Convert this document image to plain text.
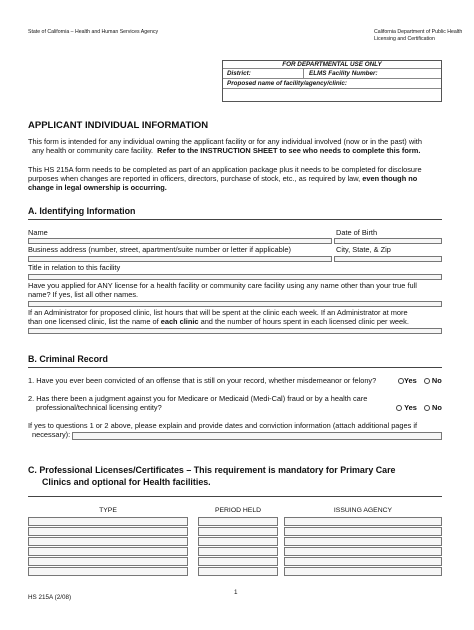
State of California – Health and Human Services Agency	California Department of Public Health
Licensing and Certification
FOR DEPARTMENTAL USE ONLY
District:	ELMS Facility Number:
Proposed name of facility/agency/clinic:
APPLICANT INDIVIDUAL INFORMATION
This form is intended for any individual owning the applicant facility or for any individual involved (now or in the past) with
any health or community care facility. Refer to the INSTRUCTION SHEET to see who needs to complete this form.
This HS 215A form needs to be completed as part of an application package plus it needs to be completed for disclosure
purposes when changes are reported in officers, directors, purchase of stock, etc., as required by law, even though no
change in legal ownership is occurring.
A. Identifying Information
Name	Date of Birth
Business address (number, street, apartment/suite number or letter if applicable)	City, State, & Zip
Title in relation to this facility
Have you applied for ANY license for a health facility or community care facility using any name other than your true full
name? If yes, list all other names.
If an Administrator for proposed clinic, list hours that will be spent at the clinic each week. If an Administrator at more
than one licensed clinic, list the name of each clinic and the number of hours spent in each licensed clinic per week.
B. Criminal Record
1. Have you ever been convicted of an offense that is still on your record, whether misdemeanor or felony?	Yes No
2. Has there been a judgment against you for Medicare or Medicaid (Medi-Cal) fraud or by a health care
professional/technical licensing entity?	Yes No
If yes to questions 1 or 2 above, please explain and provide dates and conviction information (attach additional pages if
necessary):
C. Professional Licenses/Certificates – This requirement is mandatory for Primary Care
Clinics and optional for Health facilities.
TYPE	PERIOD HELD	ISSUING AGENCY
HS 215A (2/08)
1
